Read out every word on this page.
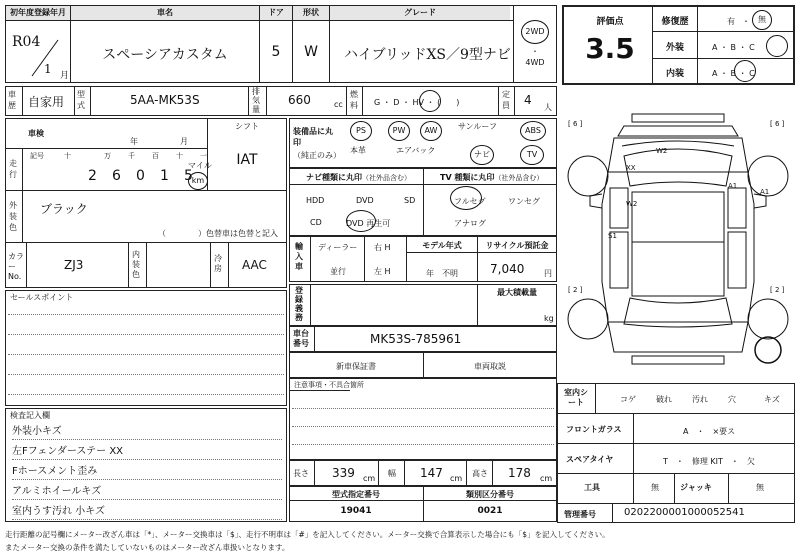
初年度登録年月
R04
1 月
車名
スペーシアカスタム
ドア
5
形状
W
グレード
ハイブリッドXS／9型ナビ
2WD
・
4WD
評価点
3.5
修復歴	有 ・	無
外装	A ・ B ・ C
内装	A ・ B ・ C
車歴 自家用
型式	5AA-MK53S
排気量
660	cc
燃料 G ・ D ・ HV ・ (　　)
定員 4
人
車検
年	月
シフト
IAT
走行
記号	十	万 千 百 十 一
2 6 0 1 5
マイル
km
外装色
ブラック
（　　　　）色替車は色替と記入
カラーNo.
ZJ3
内装色
冷房 AAC
セールスポイント
検査記入欄
外装小キズ
左Fフェンダーステー XX
Fホースメント歪み
アルミホイールキズ
室内うす汚れ 小キズ
装備品に丸印
（純正のみ）
PS	PW	AW	サンルーフ	ABS
本革	エアバック	ナビ	TV
ナビ種類に丸印（社外品含む）	TV 種類に丸印（社外品含む）
HDD	DVD	SD
CD	DVD 再生可
フルセグ	ワンセグ
アナログ
輸入車
ディーラー
並行
右 H
左 H
モデル年式
年　不明
リサイクル預託金
7,040 円
登録義務
最大積載量
kg
車台番号	MK53S-785961
新車保証書	車両取説
注意事項・不具合箇所
長さ 339 cm
幅 147 cm
高さ 178 cm
型式指定番号
19041
類別区分番号
0021
[ 6 ]	[ 6 ]
[ 2 ]	[ 2 ]
W2
XX
A1
A1
W2
S1
室内シート	コゲ	破れ	汚れ	穴	キズ
フロントガラス	A　・　×要ス
スペアタイヤ	T　・　修理 KIT　・　欠
工具	無	ジャッキ	無
管理番号	0202200001000052541
走行距離の記号欄にメーター改ざん車は「*」、メーター交換車は「$」、走行不明車は「#」を記入してください。メーター交換で合算表示した場合にも「$」を記入してください。
またメーター交換の条件を満たしていないものはメーター改ざん車扱いとなります。
